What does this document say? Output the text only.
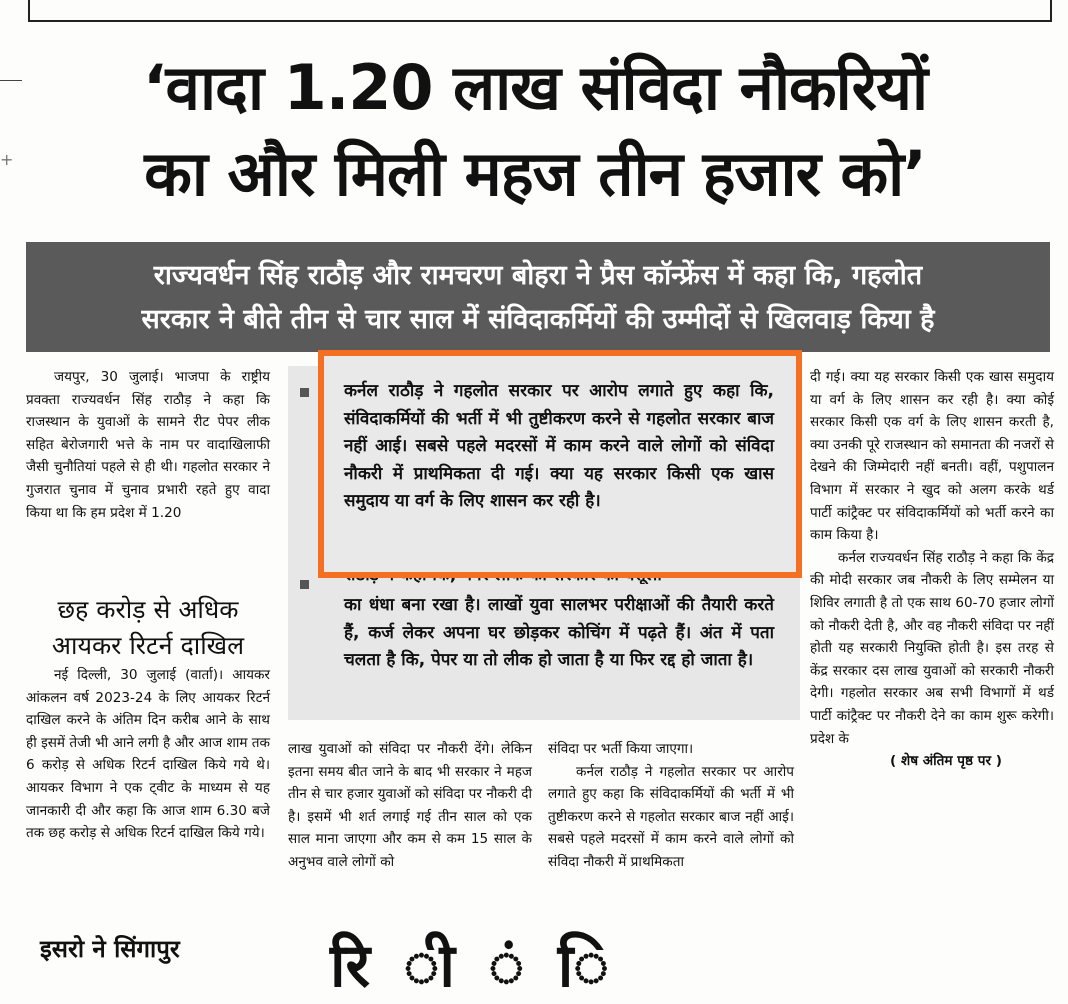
+
‘वादा 1.20 लाख संविदा नौकरियों
का और मिली महज तीन हजार को’
राज्यवर्धन सिंह राठौड़ और रामचरण बोहरा ने प्रैस कॉन्फ्रेंस में कहा कि, गहलोत
सरकार ने बीते तीन से चार साल में संविदाकर्मियों की उम्मीदों से खिलवाड़ किया है

जयपुर, 30 जुलाई। भाजपा के राष्ट्रीय प्रवक्ता राज्यवर्धन सिंह राठौड़ ने कहा कि राजस्थान के युवाओं के सामने रीट पेपर लीक सहित बेरोजगारी भत्ते के नाम पर वादाखिलाफी जैसी चुनौतियां पहले से ही थी। गहलोत सरकार ने गुजरात चुनाव में चुनाव प्रभारी रहते हुए वादा किया था कि हम प्रदेश में 1.20

छह करोड़ से अधिक आयकर रिटर्न दाखिल

नई दिल्ली, 30 जुलाई (वार्ता)। आयकर आंकलन वर्ष 2023-24 के लिए आयकर रिटर्न दाखिल करने के अंतिम दिन करीब आने के साथ ही इसमें तेजी भी आने लगी है और आज शाम तक 6 करोड़ से अधिक रिटर्न दाखिल किये गये थे। आयकर विभाग ने एक ट्वीट के माध्यम से यह जानकारी दी और कहा कि आज शाम 6.30 बजे तक छह करोड़ से अधिक रिटर्न दाखिल किये गये।

का धंधा बना रखा है। लाखों युवा सालभर परीक्षाओं की तैयारी करते हैं, कर्ज लेकर अपना घर छोड़कर कोचिंग में पढ़ते हैं। अंत में पता चलता है कि, पेपर या तो लीक हो जाता है या फिर रद्द हो जाता है।
कर्नल राठौड़ ने गहलोत सरकार पर आरोप लगाते हुए कहा कि, संविदाकर्मियों की भर्ती में भी तुष्टीकरण करने से गहलोत सरकार बाज नहीं आई। सबसे पहले मदरसों में काम करने वाले लोगों को संविदा नौकरी में प्राथमिकता दी गई। क्या यह सरकार किसी एक खास समुदाय या वर्ग के लिए शासन कर रही है।

लाख युवाओं को संविदा पर नौकरी देंगे। लेकिन इतना समय बीत जाने के बाद भी सरकार ने महज तीन से चार हजार युवाओं को संविदा पर नौकरी दी है। इसमें भी शर्त लगाई गई तीन साल को एक साल माना जाएगा और कम से कम 15 साल के अनुभव वाले लोगों को

संविदा पर भर्ती किया जाएगा।

कर्नल राठौड़ ने गहलोत सरकार पर आरोप लगाते हुए कहा कि संविदाकर्मियों की भर्ती में भी तुष्टीकरण करने से गहलोत सरकार बाज नहीं आई। सबसे पहले मदरसों में काम करने वाले लोगों को संविदा नौकरी में प्राथमिकता

दी गई। क्या यह सरकार किसी एक खास समुदाय या वर्ग के लिए शासन कर रही है। क्या कोई सरकार किसी एक वर्ग के लिए शासन करती है, क्या उनकी पूरे राजस्थान को समानता की नजरों से देखने की जिम्मेदारी नहीं बनती। वहीं, पशुपालन विभाग में सरकार ने खुद को अलग करके थर्ड पार्टी कांट्रैक्ट पर संविदाकर्मियों को भर्ती करने का काम किया है।

कर्नल राज्यवर्धन सिंह राठौड़ ने कहा कि केंद्र की मोदी सरकार जब नौकरी के लिए सम्मेलन या शिविर लगाती है तो एक साथ 60-70 हजार लोगों को नौकरी देती है, और वह नौकरी संविदा पर नहीं होती यह सरकारी नियुक्ति होती है। इस तरह से केंद्र सरकार दस लाख युवाओं को सरकारी नौकरी देगी। गहलोत सरकार अब सभी विभागों में थर्ड पार्टी कांट्रैक्ट पर नौकरी देने का काम शुरू करेगी। प्रदेश के

( शेष अंतिम पृष्ठ पर )

इसरो ने सिंगापुर	रि ी ं ि
